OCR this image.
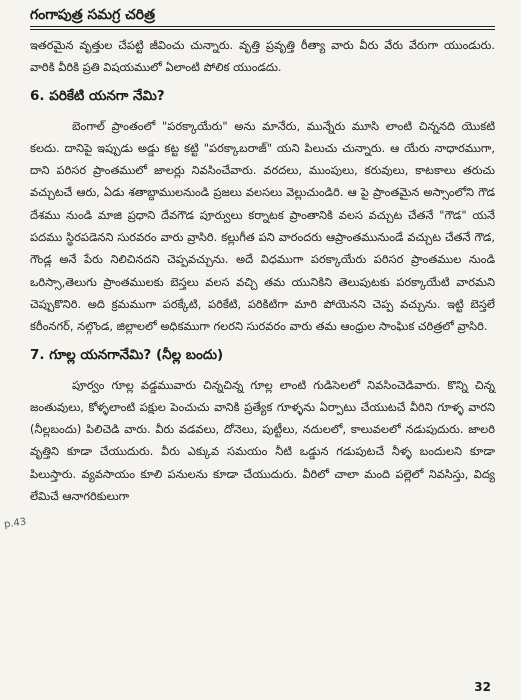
గంగాపుత్ర సమగ్ర చరిత్ర

ఇతరమైన వృత్తుల చేపట్టి జీవించు చున్నారు. వృత్తి ప్రవృత్తి రీత్యా వారు వీరు వేరు వేరుగా యుండురు. వారికి వీరికి ప్రతి విషయములో ఏలాంటి పోలిక యుండదు.

6. పరికేటి యనగా నేమి?

బెంగాల్ ప్రాంతంలో "పరక్కాయేరు" అను మానేరు, మున్నేరు మూసి లాంటి చిన్ననది యొకటి కలదు. దానిపై ఇప్పుడు అడ్డు కట్ట కట్టి "పరక్కాబరాజ్" యని పిలుచు చున్నారు. ఆ యేరు నాధారముగా, దాని పరిసర ప్రాంతములో జాలర్లు నివసించేవారు. వరదలు, ముంపులు, కరువులు, కాటకాలు తరుచు వచ్చుటచే ఆరు, ఏడు శతాబ్దాములనుండి ప్రజలు వలసలు వెల్లుచుండిరి. ఆ పై ప్రాంతమైన అస్సాంలోని గౌడ దేశము నుండి మాజి ప్రధాని దేవగౌడ పూర్వులు కర్నాటక ప్రాంతానికి వలస వచ్చుట చేతనే "గౌడ" యనే పదము స్థిరపడెనని సురవరం వారు వ్రాసిరి. కల్లుగీత పని వారందరు ఆప్రాంతమునుండే వచ్చుట చేతనే గౌడ, గౌండ్ల అనే పేరు నిలిచినదని చెప్పవచ్చును. అదే విధముగా పరక్కాయేరు పరిసర ప్రాంతముల నుండి ఒరిస్సా,తెలుగు ప్రాంతములకు బెస్తలు వలస వచ్చి తమ యునికిని తెలుపుటకు పరక్కాయేటి వారమని చెప్పుకొనిరి. అది క్రమముగా పరక్కేటి, పరికేటి, పరికిటిగా మారి పోయెనని చెప్ప వచ్చును. ఇట్టి బెస్తలే కరీంనగర్, నల్గొండ, జిల్లాలలో అధికముగా గలరని సురవరం వారు తమ ఆంధ్రుల సాంఘిక చరిత్రలో వ్రాసిరి.

7. గూల్ల యనగానేమి? (నీల్ల బందు)

పూర్వం గూల్ల వడ్డమువారు చిన్నచిన్న గూల్ల లాంటి గుడిసెలలో నివసించెడివారు. కొన్ని చిన్న జంతువులు, కోళ్ళలాంటి పక్షుల పెంచుచు వానికి ప్రత్యేక గూళ్ళను ఏర్పాటు చేయుటచే వీరిని గూళ్ళ వారని (నీల్లబందు) పిలిచెడి వారు. వీరు వడవలు, దోనెలు, పుట్టీలు, నదులలో, కాలువలలో నడుపుదురు. జాలరి వృత్తిని కూడా చేయుదురు. వీరు ఎక్కువ సమయం నీటి ఒడ్డున గడుపుటచే నీళ్ళ బందులని కూడా పిలుస్తారు. వ్యవసాయం కూలి పనులను కూడా చేయుదురు. వీరిలో చాలా మంది పల్లెలో నివసిస్తు, విద్య లేమిచే ఆనాగరికులుగా

p.43
32
